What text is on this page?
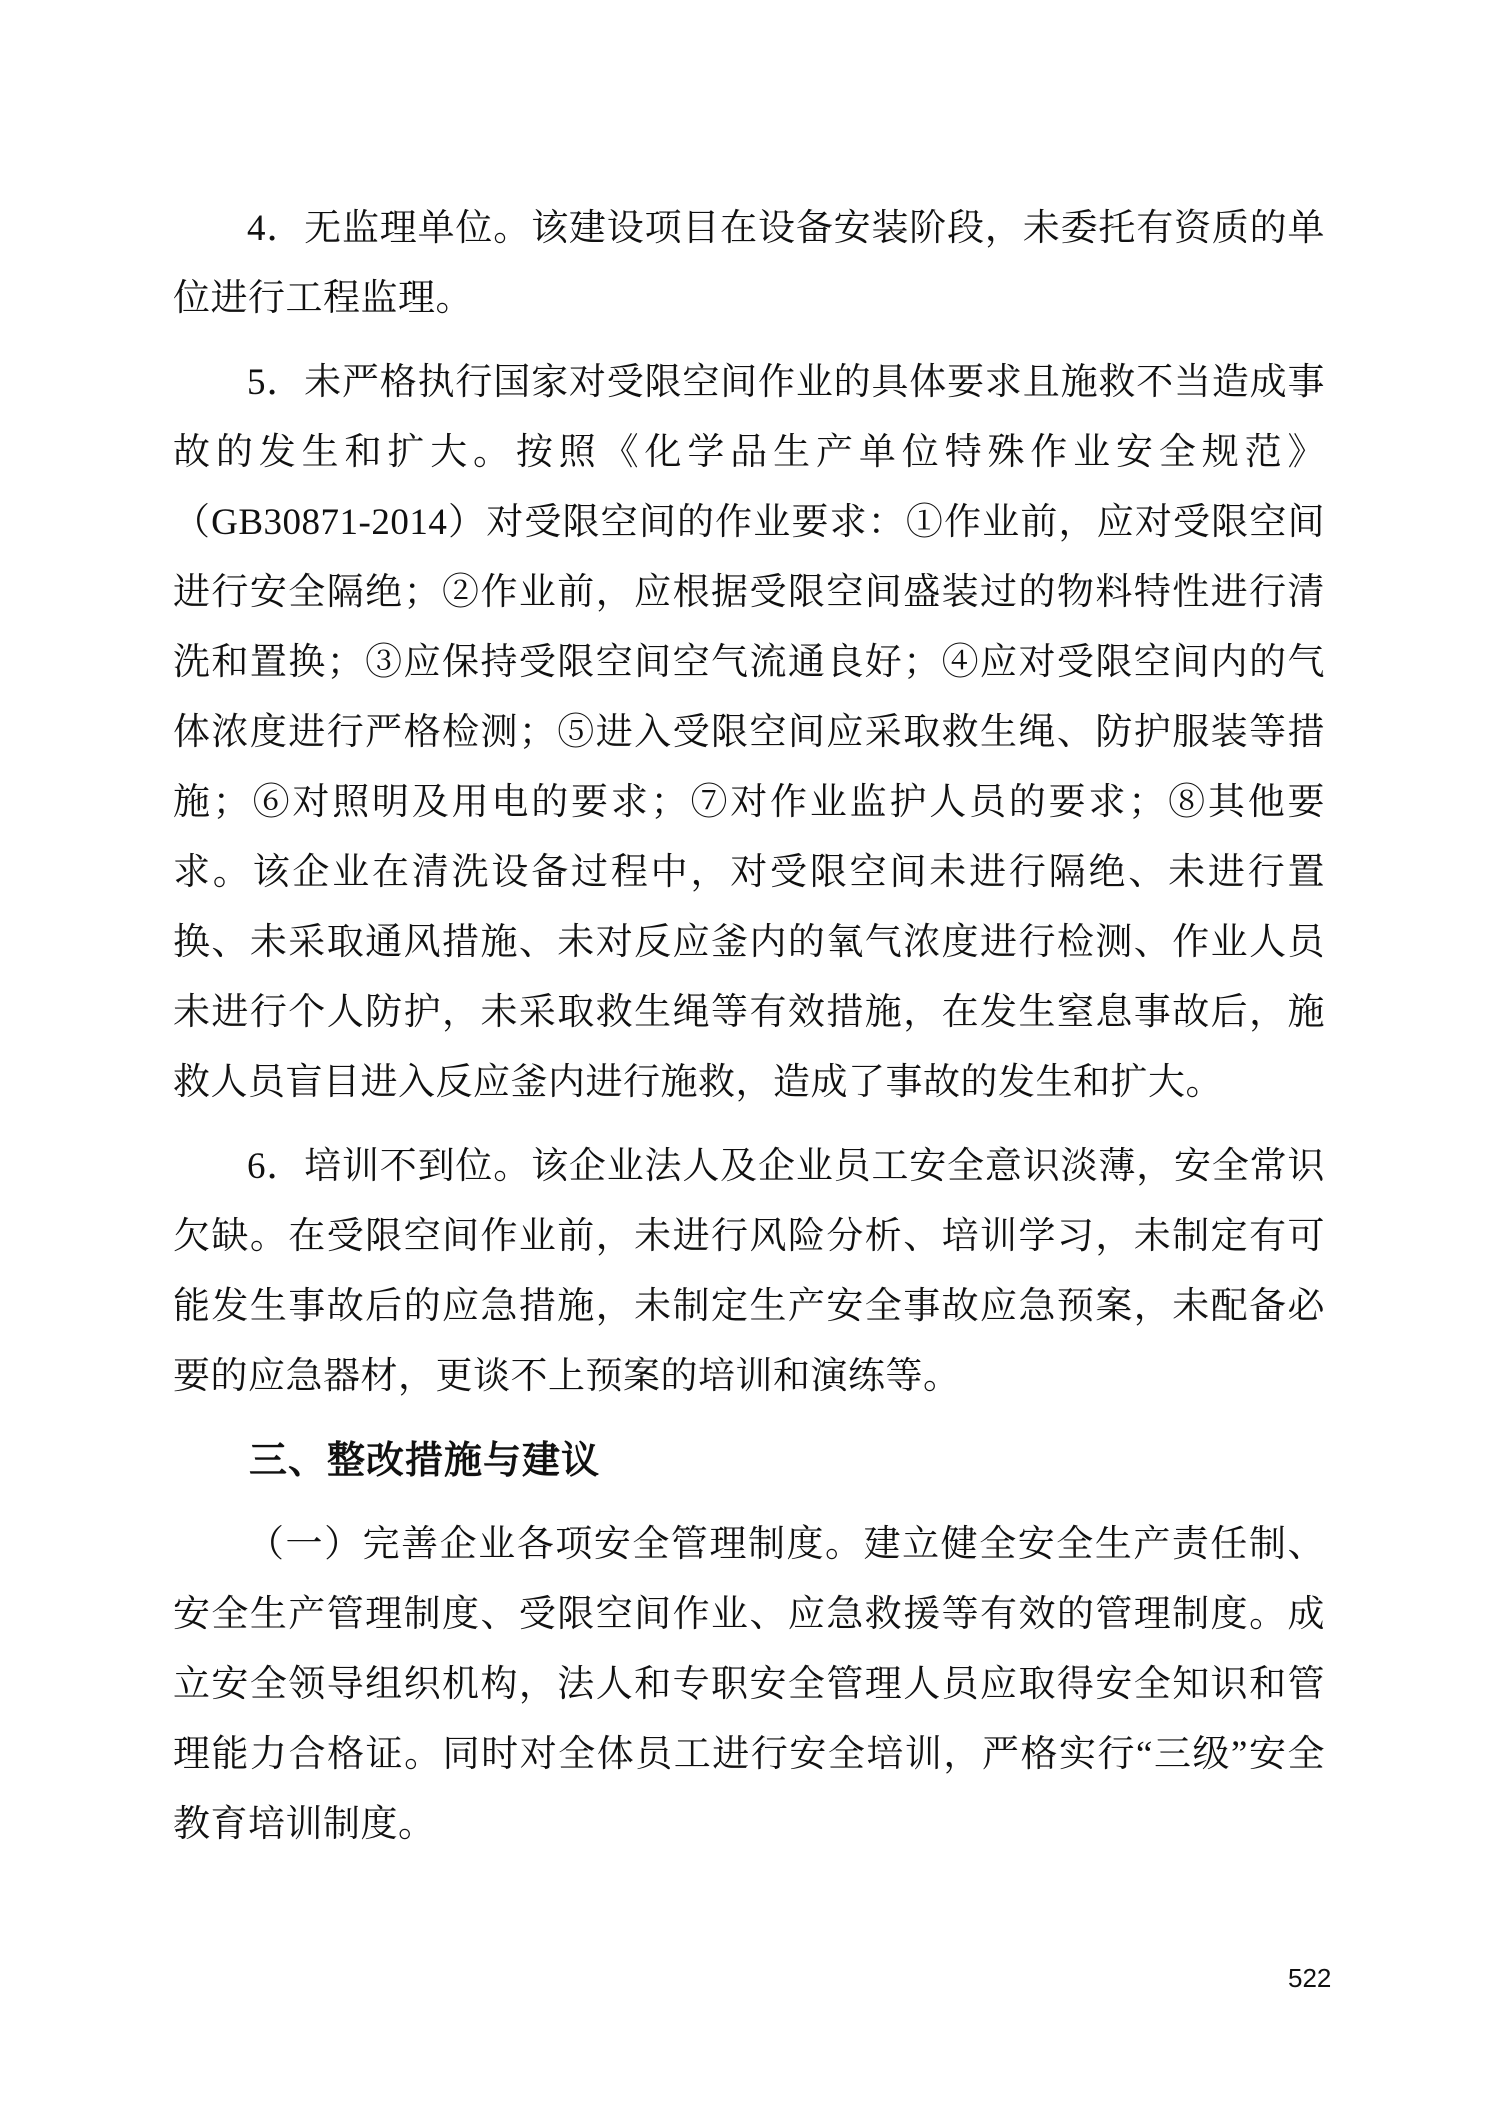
4．无监理单位。该建设项目在设备安装阶段，未委托有资质的单位进行工程监理。

5．未严格执行国家对受限空间作业的具体要求且施救不当造成事故的发生和扩大。按照《化学品生产单位特殊作业安全规范》（GB30871-2014）对受限空间的作业要求：①作业前，应对受限空间进行安全隔绝；②作业前，应根据受限空间盛装过的物料特性进行清洗和置换；③应保持受限空间空气流通良好；④应对受限空间内的气体浓度进行严格检测；⑤进入受限空间应采取救生绳、防护服装等措施；⑥对照明及用电的要求；⑦对作业监护人员的要求；⑧其他要求。该企业在清洗设备过程中，对受限空间未进行隔绝、未进行置换、未采取通风措施、未对反应釜内的氧气浓度进行检测、作业人员未进行个人防护，未采取救生绳等有效措施，在发生窒息事故后，施救人员盲目进入反应釜内进行施救，造成了事故的发生和扩大。

6．培训不到位。该企业法人及企业员工安全意识淡薄，安全常识欠缺。在受限空间作业前，未进行风险分析、培训学习，未制定有可能发生事故后的应急措施，未制定生产安全事故应急预案，未配备必要的应急器材，更谈不上预案的培训和演练等。

三、整改措施与建议

（一）完善企业各项安全管理制度。建立健全安全生产责任制、安全生产管理制度、受限空间作业、应急救援等有效的管理制度。成立安全领导组织机构，法人和专职安全管理人员应取得安全知识和管理能力合格证。同时对全体员工进行安全培训，严格实行“三级”安全教育培训制度。

522
